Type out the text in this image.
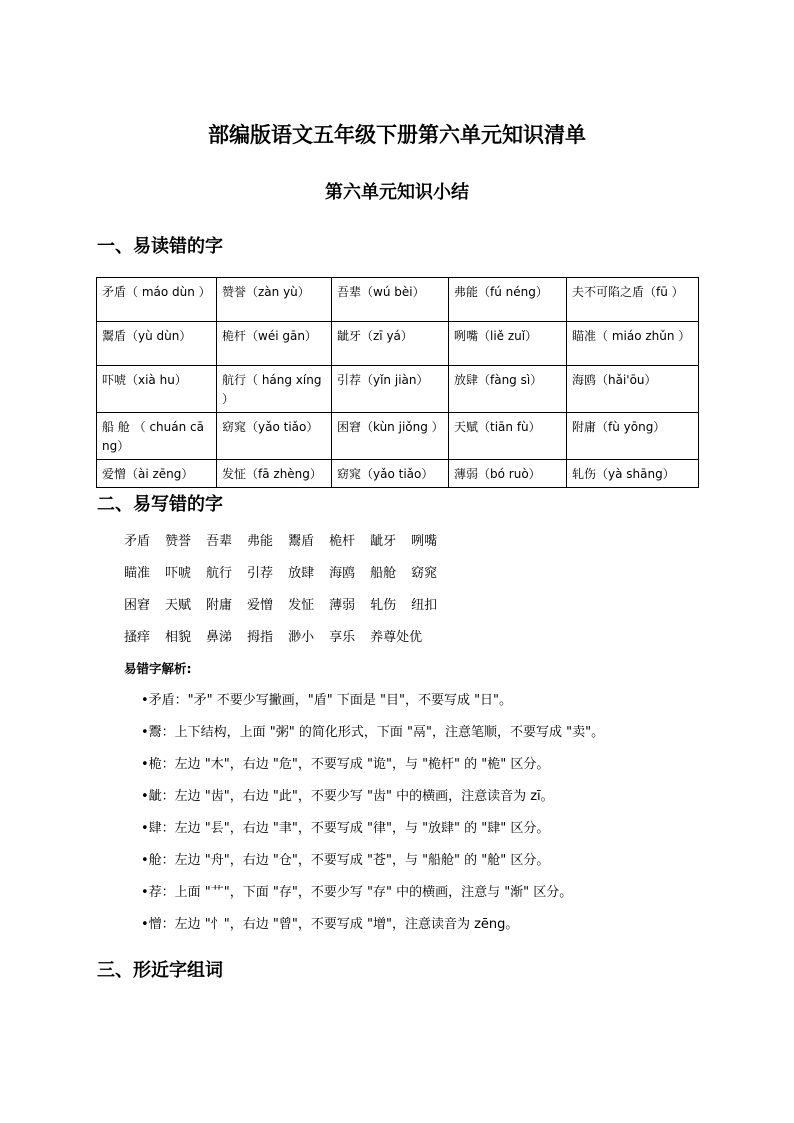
部编版语文五年级下册第六单元知识清单
第六单元知识小结
一、易读错的字
矛盾（ máo dùn ）	赞誉（zàn yù）	吾辈（wú bèi）	弗能（fú néng）	夫不可陷之盾（fū ）
鬻盾（yù dùn）	桅杆（wéi gān）	龇牙（zī yá）	咧嘴（liě zuǐ）	瞄准（ miáo zhǔn ）
吓唬（xià hu）	航行（ háng xíng ）	引荐（yǐn jiàn）	放肆（fàng sì）	海鸥（hǎi'ōu）
船 舱 （ chuán cāng）	窈窕（yǎo tiǎo）	困窘（kùn jiǒng ）	天赋（tiān fù）	附庸（fù yōng）
爱憎（ài zēng）	发怔（fā zhèng）	窈窕（yǎo tiǎo）	薄弱（bó ruò）	轧伤（yà shāng）
二、易写错的字
矛盾 赞誉 吾辈 弗能 鬻盾 桅杆 龇牙 咧嘴
瞄准 吓唬 航行 引荐 放肆 海鸥 船舱 窈窕
困窘 天赋 附庸 爱憎 发怔 薄弱 轧伤 纽扣
搔痒 相貌 鼻涕 拇指 渺小 享乐 养尊处优
易错字解析:
•矛盾："矛" 不要少写撇画，"盾" 下面是 "目"，不要写成 "日"。
•鬻：上下结构，上面 "粥" 的简化形式，下面 "鬲"，注意笔顺，不要写成 "卖"。
•桅：左边 "木"，右边 "危"，不要写成 "诡"，与 "桅杆" 的 "桅" 区分。
•龇：左边 "齿"，右边 "此"，不要少写 "齿" 中的横画，注意读音为 zī。
•肆：左边 "镸"，右边 "聿"，不要写成 "律"，与 "放肆" 的 "肆" 区分。
•舱：左边 "舟"，右边 "仓"，不要写成 "苍"，与 "船舱" 的 "舱" 区分。
•荐：上面 "艹"，下面 "存"，不要少写 "存" 中的横画，注意与 "渐" 区分。
•憎：左边 "忄"，右边 "曾"，不要写成 "增"，注意读音为 zēng。
三、形近字组词
